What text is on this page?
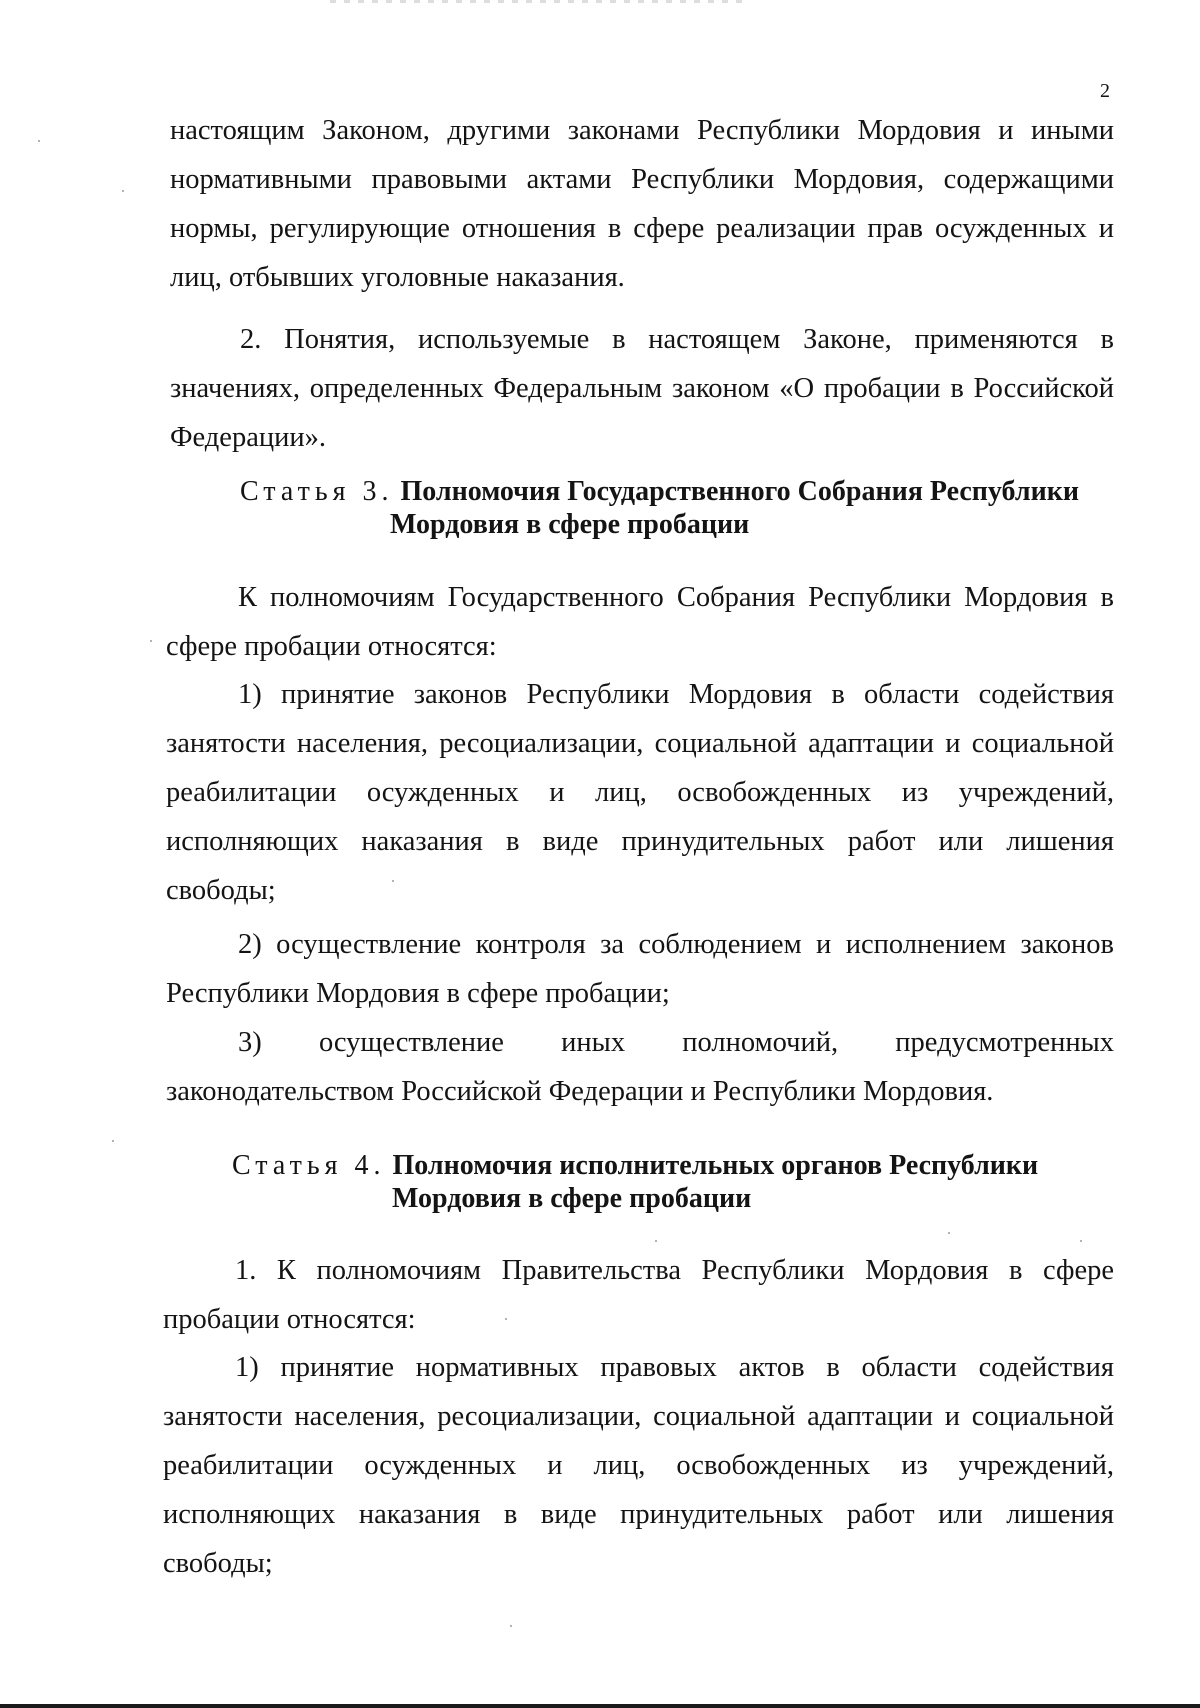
2

настоящим Законом, другими законами Республики Мордовия и иными нормативными правовыми актами Республики Мордовия, содержащими нормы, регулирующие отношения в сфере реализации прав осужденных и лиц, отбывших уголовные наказания.

2. Понятия, используемые в настоящем Законе, применяются в значениях, определенных Федеральным законом «О пробации в Российской Федерации».

Статья 3. Полномочия Государственного Собрания Республики
Мордовия в сфере пробации

К полномочиям Государственного Собрания Республики Мордовия в сфере пробации относятся:

1) принятие законов Республики Мордовия в области содействия занятости населения, ресоциализации, социальной адаптации и социальной реабилитации осужденных и лиц, освобожденных из учреждений, исполняющих наказания в виде принудительных работ или лишения свободы;

2) осуществление контроля за соблюдением и исполнением законов Республики Мордовия в сфере пробации;

3) осуществление иных полномочий, предусмотренных законодательством Российской Федерации и Республики Мордовия.

Статья 4. Полномочия исполнительных органов Республики
Мордовия в сфере пробации

1. К полномочиям Правительства Республики Мордовия в сфере пробации относятся:

1) принятие нормативных правовых актов в области содействия занятости населения, ресоциализации, социальной адаптации и социальной реабилитации осужденных и лиц, освобожденных из учреждений, исполняющих наказания в виде принудительных работ или лишения свободы;
